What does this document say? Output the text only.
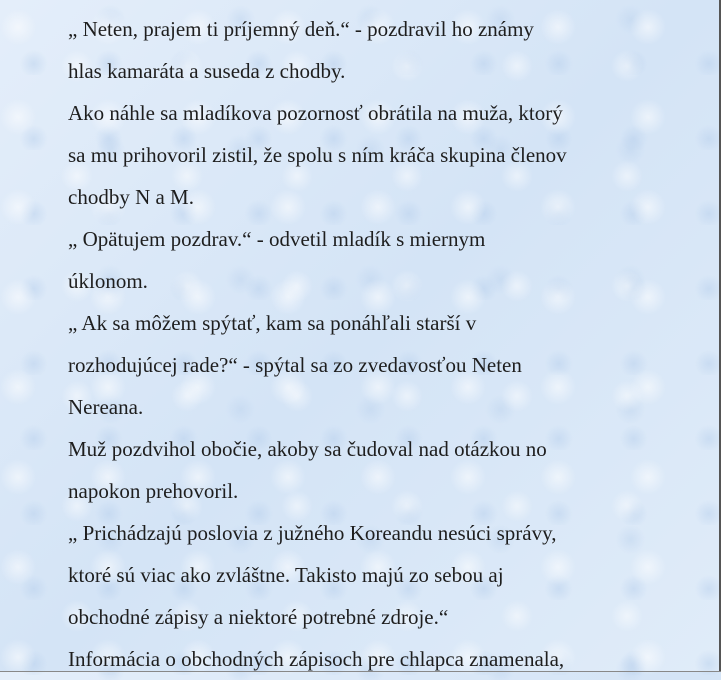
„ Neten, prajem ti príjemný deň.“ - pozdravil ho známy

hlas kamaráta a suseda z chodby.

Ako náhle sa mladíkova pozornosť obrátila na muža, ktorý

sa mu prihovoril zistil, že spolu s ním kráča skupina členov

chodby N a M.

„ Opätujem pozdrav.“ - odvetil mladík s miernym

úklonom.

„ Ak sa môžem spýtať, kam sa ponáhľali starší v

rozhodujúcej rade?“ - spýtal sa zo zvedavosťou Neten

Nereana.

Muž pozdvihol obočie, akoby sa čudoval nad otázkou no

napokon prehovoril.

„ Prichádzajú poslovia z južného Koreandu nesúci správy,

ktoré sú viac ako zvláštne. Takisto majú zo sebou aj

obchodné zápisy a niektoré potrebné zdroje.“

Informácia o obchodných zápisoch pre chlapca znamenala,
